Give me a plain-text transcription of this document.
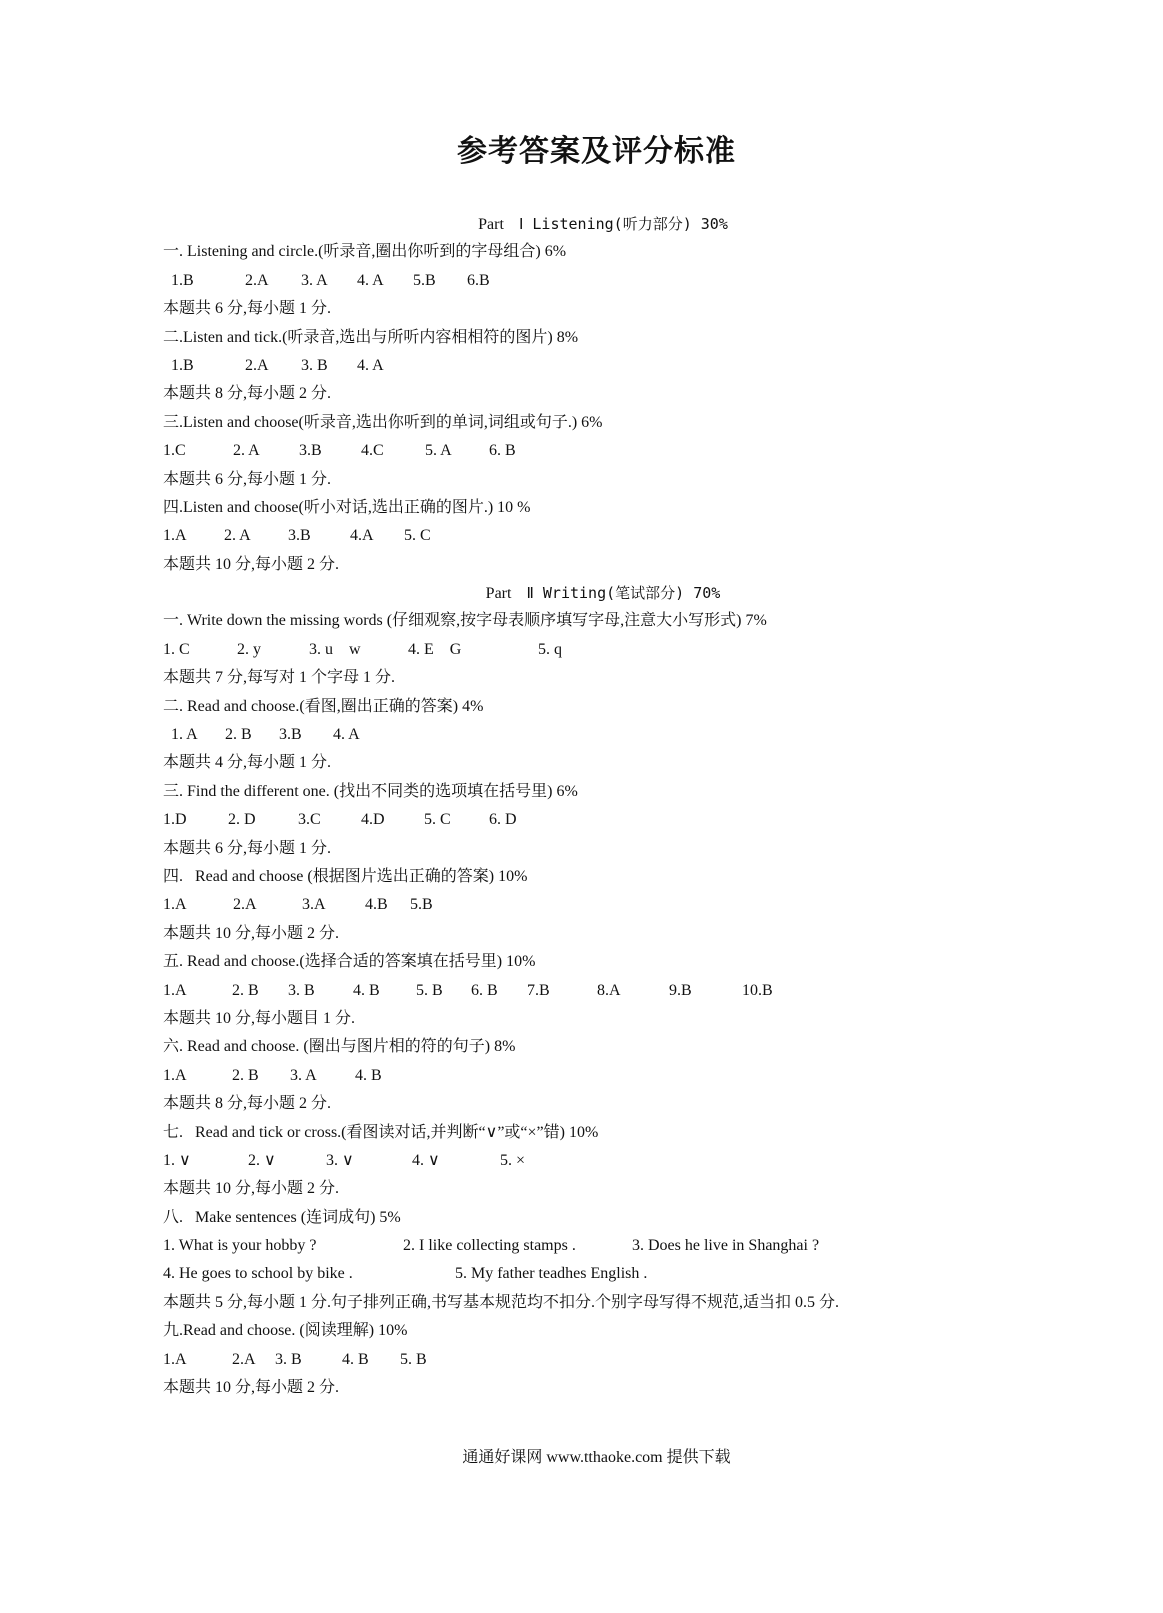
参考答案及评分标准
Part Ⅰ Listening(听力部分) 30%
一. Listening and circle.(听录音,圈出你听到的字母组合) 6%
1.B	2.A	3. A	4. A	5.B	6.B
本题共 6 分,每小题 1 分.
二.Listen and tick.(听录音,选出与所听内容相相符的图片) 8%
1.B	2.A	3. B	4. A
本题共 8 分,每小题 2 分.
三.Listen and choose(听录音,选出你听到的单词,词组或句子.) 6%
1.C	2. A	3.B	4.C	5. A	6. B
本题共 6 分,每小题 1 分.
四.Listen and choose(听小对话,选出正确的图片.) 10 %
1.A	2. A	3.B	4.A	5. C
本题共 10 分,每小题 2 分.
Part Ⅱ Writing(笔试部分) 70%
一. Write down the missing words (仔细观察,按字母表顺序填写字母,注意大小写形式) 7%
1. C	2. y	3. u    w	4. E    G	5. q
本题共 7 分,每写对 1 个字母 1 分.
二. Read and choose.(看图,圈出正确的答案) 4%
1. A	2. B	3.B	4. A
本题共 4 分,每小题 1 分.
三. Find the different one. (找出不同类的选项填在括号里) 6%
1.D	2. D	3.C	4.D	5. C	6. D
本题共 6 分,每小题 1 分.
四.   Read and choose (根据图片选出正确的答案) 10%
1.A	2.A	3.A	4.B	5.B
本题共 10 分,每小题 2 分.
五. Read and choose.(选择合适的答案填在括号里) 10%
1.A	2. B	3. B	4. B	5. B	6. B	7.B	8.A	9.B	10.B
本题共 10 分,每小题目 1 分.
六. Read and choose. (圈出与图片相的符的句子) 8%
1.A	2. B	3. A	4. B
本题共 8 分,每小题 2 分.
七.   Read and tick or cross.(看图读对话,并判断“∨”或“×”错) 10%
1. ∨	2. ∨	3. ∨	4. ∨	5. ×
本题共 10 分,每小题 2 分.
八.   Make sentences (连词成句) 5%
1. What is your hobby ?	2. I like collecting stamps .	3. Does he live in Shanghai ?
4. He goes to school by bike .	5. My father teadhes English .
本题共 5 分,每小题 1 分.句子排列正确,书写基本规范均不扣分.个别字母写得不规范,适当扣 0.5 分.
九.Read and choose. (阅读理解) 10%
1.A	2.A	3. B	4. B	5. B
本题共 10 分,每小题 2 分.
通通好课网 www.tthaoke.com 提供下载
